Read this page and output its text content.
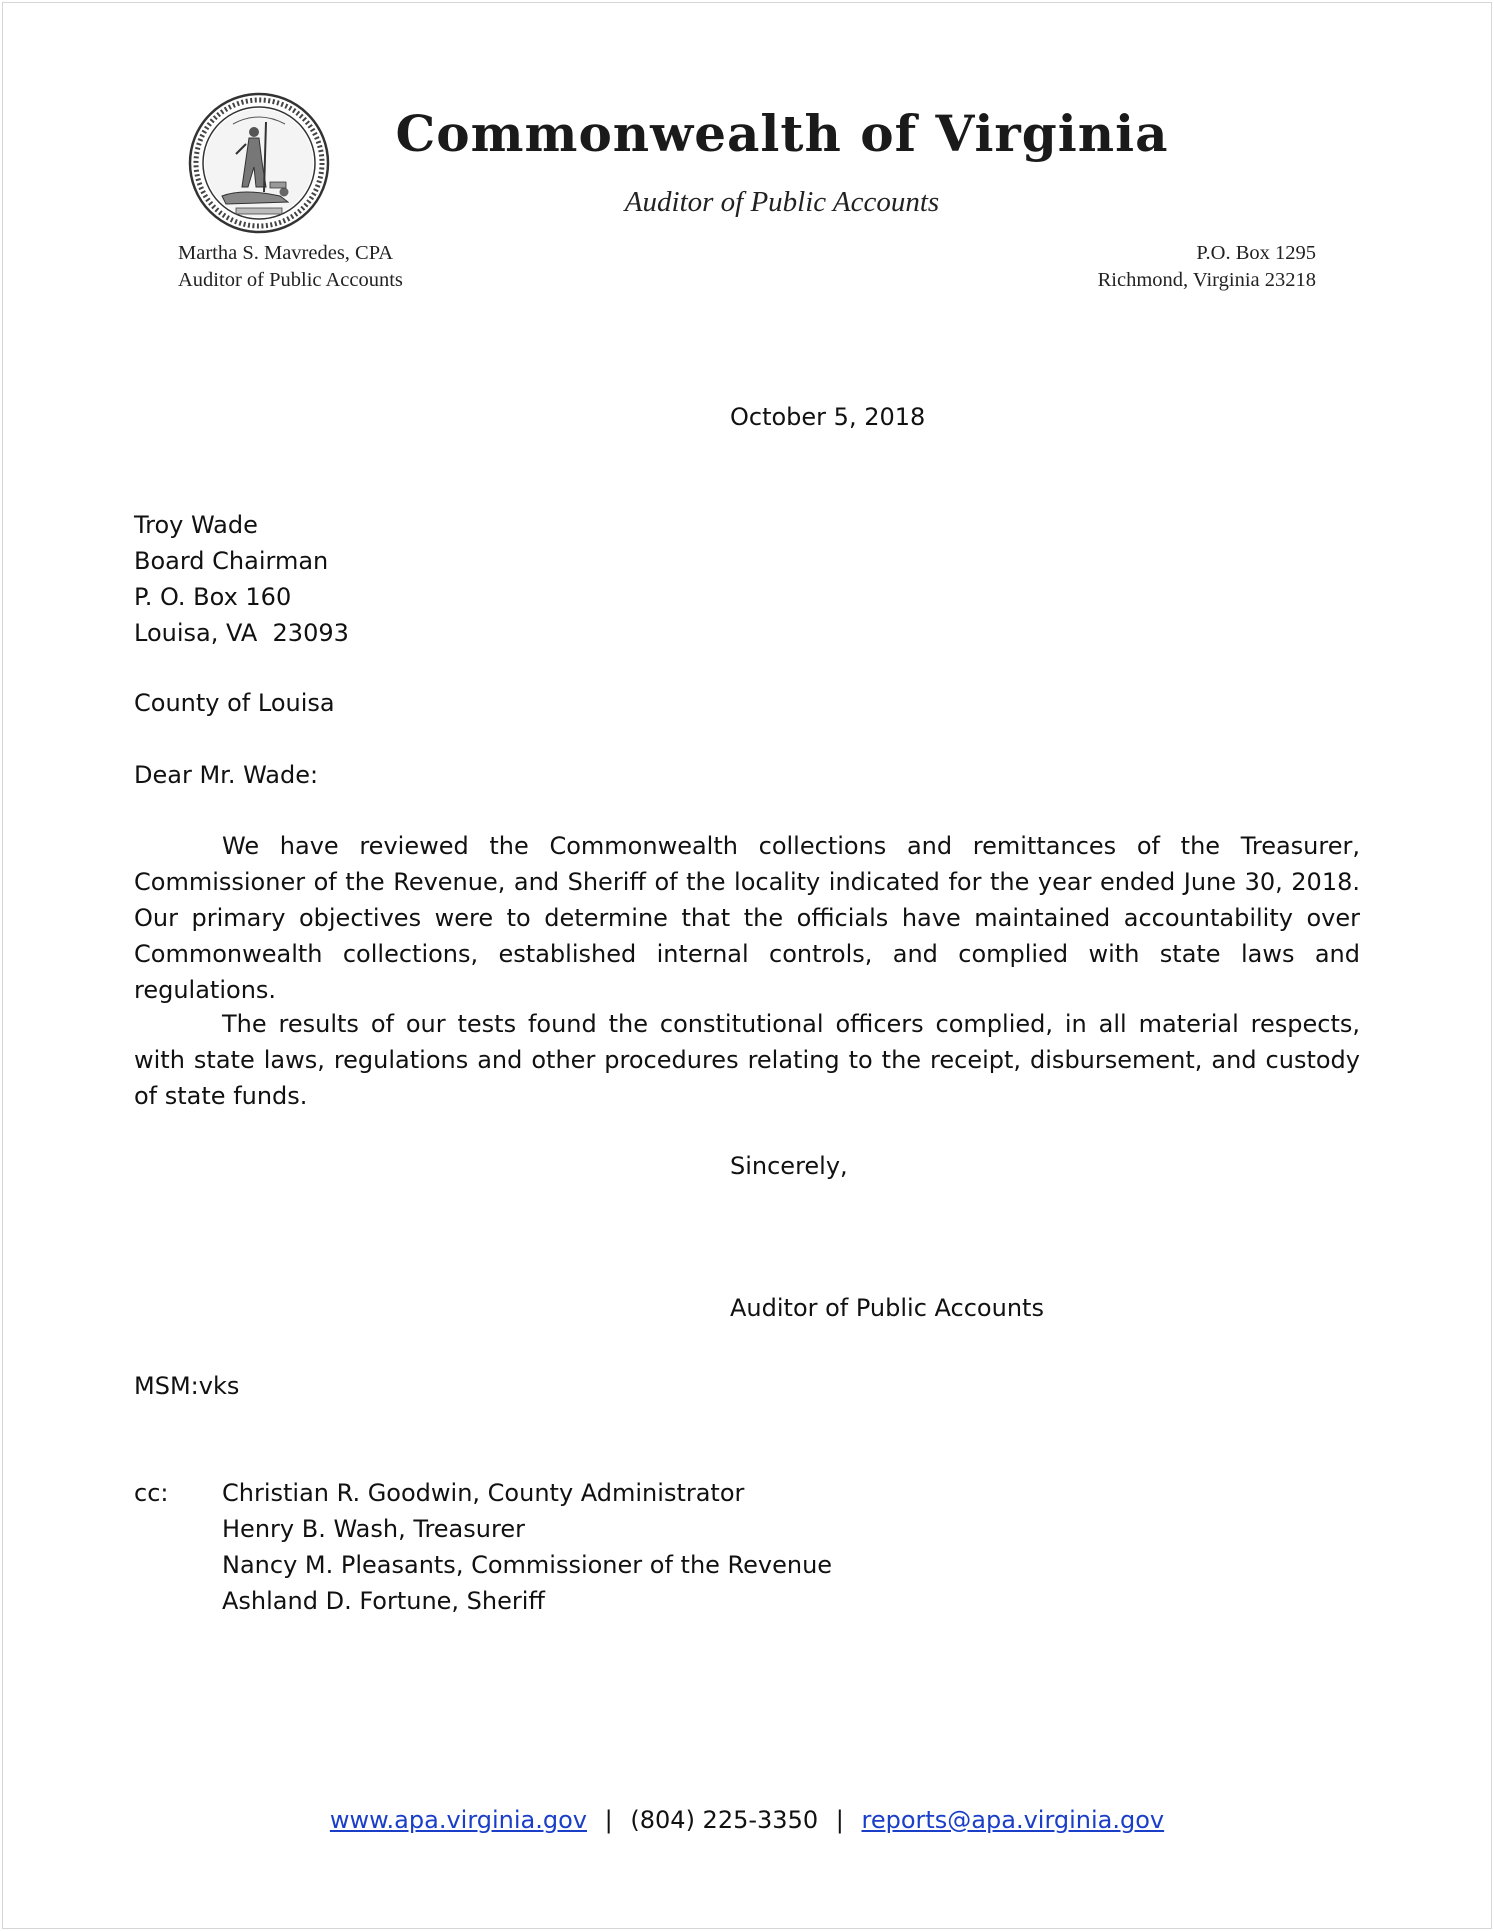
Commonwealth of Virginia
Auditor of Public Accounts
Martha S. Mavredes, CPA
Auditor of Public Accounts
P.O. Box 1295
Richmond, Virginia 23218
October 5, 2018
Troy Wade
Board Chairman
P. O. Box 160
Louisa, VA  23093
County of Louisa
Dear Mr. Wade:
We have reviewed the Commonwealth collections and remittances of the Treasurer, Commissioner of the Revenue, and Sheriff of the locality indicated for the year ended June 30, 2018. Our primary objectives were to determine that the officials have maintained accountability over Commonwealth collections, established internal controls, and complied with state laws and regulations.
The results of our tests found the constitutional officers complied, in all material respects, with state laws, regulations and other procedures relating to the receipt, disbursement, and custody of state funds.
Sincerely,
Auditor of Public Accounts
MSM:vks
cc: Christian R. Goodwin, County Administrator
Henry B. Wash, Treasurer
Nancy M. Pleasants, Commissioner of the Revenue
Ashland D. Fortune, Sheriff
www.apa.virginia.gov | (804) 225-3350 | reports@apa.virginia.gov
